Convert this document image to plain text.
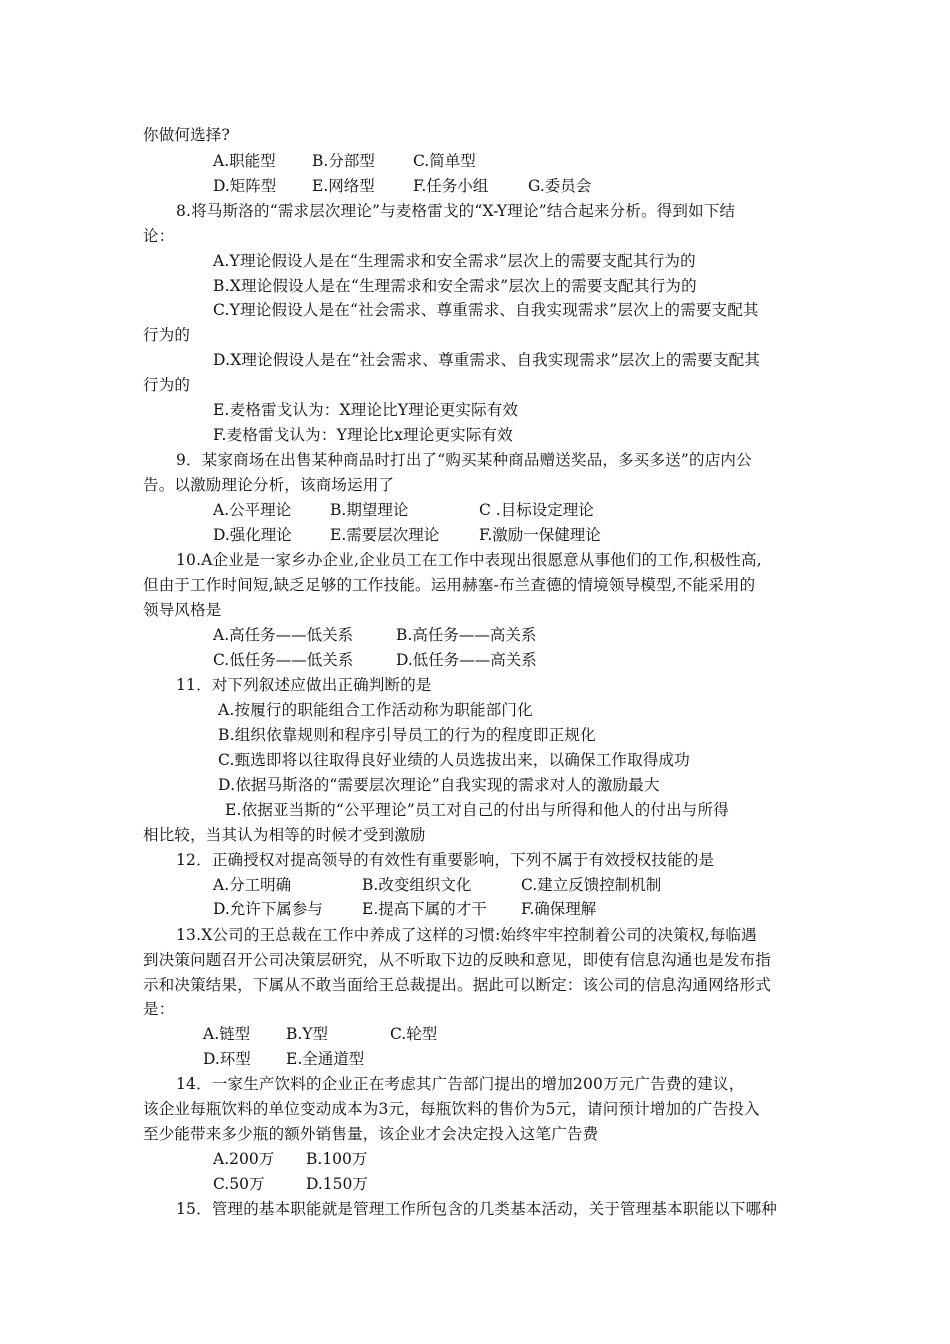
你做何选择?
A.职能型 B.分部型 C.简单型
D.矩阵型 E.网络型 F.任务小组	G.委员会
8.将马斯洛的“需求层次理论”与麦格雷戈的“X-Y理论”结合起来分析。得到如下结
论：
A.Y理论假设人是在“生理需求和安全需求”层次上的需要支配其行为的
B.X理论假设人是在“生理需求和安全需求”层次上的需要支配其行为的
C.Y理论假设人是在“社会需求、尊重需求、自我实现需求”层次上的需要支配其
行为的
D.X理论假设人是在“社会需求、尊重需求、自我实现需求”层次上的需要支配其
行为的
E.麦格雷戈认为：X理论比Y理论更实际有效
F.麦格雷戈认为：Y理论比x理论更实际有效
9．某家商场在出售某种商品时打出了“购买某种商品赠送奖品，多买多送”的店内公
告。以激励理论分析，该商场运用了
A.公平理论	B.期望理论	C .目标设定理论
D.强化理论 E.需要层次理论	F.激励一保健理论
10.A企业是一家乡办企业,企业员工在工作中表现出很愿意从事他们的工作,积极性高,
但由于工作时间短,缺乏足够的工作技能。运用赫塞-布兰查德的情境领导模型,不能采用的
领导风格是
A.高任务——低关系	B.高任务——高关系
C.低任务——低关系	D.低任务——高关系
11．对下列叙述应做出正确判断的是
A.按履行的职能组合工作活动称为职能部门化
B.组织依靠规则和程序引导员工的行为的程度即正规化
C.甄选即将以往取得良好业绩的人员选拔出来，以确保工作取得成功
D.依据马斯洛的“需要层次理论”自我实现的需求对人的激励最大
E.依据亚当斯的“公平理论”员工对自己的付出与所得和他人的付出与所得
相比较，当其认为相等的时候才受到激励
12．正确授权对提高领导的有效性有重要影响，下列不属于有效授权技能的是
A.分工明确	B.改变组织文化	C.建立反馈控制机制
D.允许下属参与	E.提高下属的才干 F.确保理解
13.X公司的王总裁在工作中养成了这样的习惯:始终牢牢控制着公司的决策权,每临遇
到决策问题召开公司决策层研究，从不听取下边的反映和意见，即使有信息沟通也是发布指
示和决策结果，下属从不敢当面给王总裁提出。据此可以断定：该公司的信息沟通网络形式
是：
A.链型 B.Y型	C.轮型
D.环型 E.全通道型
14．一家生产饮料的企业正在考虑其广告部门提出的增加200万元广告费的建议，
该企业每瓶饮料的单位变动成本为3元，每瓶饮料的售价为5元，请问预计增加的广告投入
至少能带来多少瓶的额外销售量，该企业才会决定投入这笔广告费
A.200万 B.100万
C.50万	D.150万
15．管理的基本职能就是管理工作所包含的几类基本活动，关于管理基本职能以下哪种
